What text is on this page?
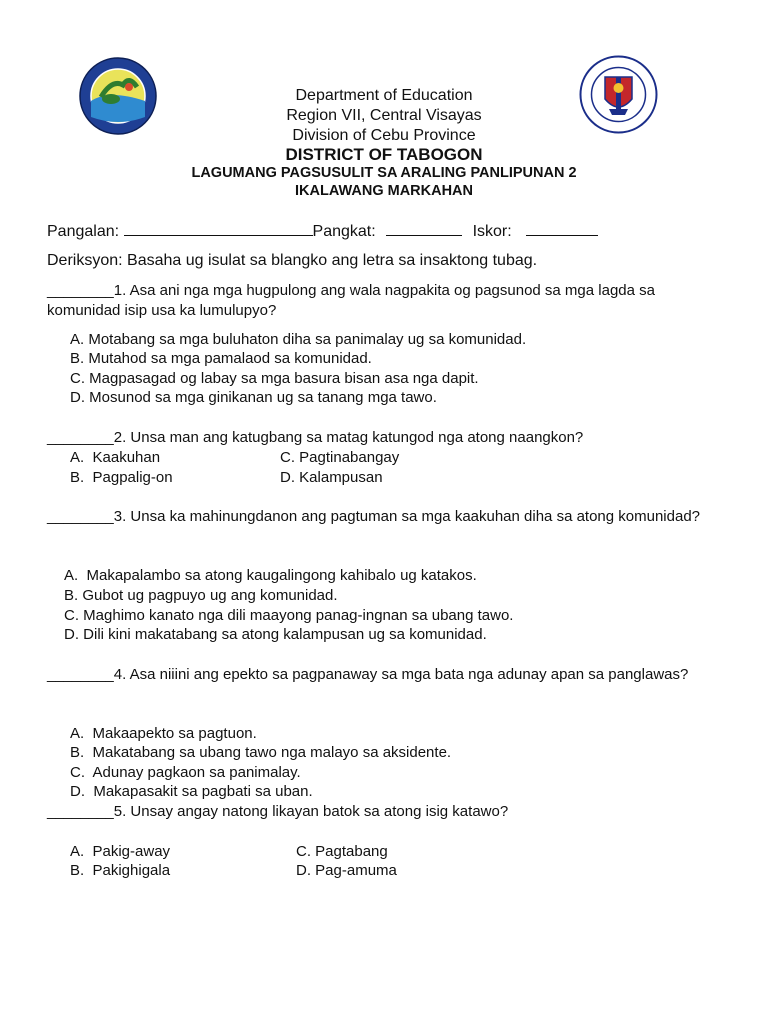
Department of Education
Region VII, Central Visayas
Division of Cebu Province
DISTRICT OF TABOGON
LAGUMANG PAGSUSULIT SA ARALING PANLIPUNAN 2
IKALAWANG MARKAHAN
Pangalan:	Pangkat:	Iskor:
Deriksyon: Basaha ug isulat sa blangko ang letra sa insaktong tubag.
________1. Asa ani nga mga hugpulong ang wala nagpakita og pagsunod sa mga lagda sa komunidad isip usa ka lumulupyo?
A. Motabang sa mga buluhaton diha sa panimalay ug sa komunidad.
B. Mutahod sa mga pamalaod sa komunidad.
C. Magpasagad og labay sa mga basura bisan asa nga dapit.
D. Mosunod sa mga ginikanan ug sa tanang mga tawo.
________2. Unsa man ang katugbang sa matag katungod nga atong naangkon?
A.  Kaakuhan	C. Pagtinabangay
B.  Pagpalig-on	D. Kalampusan
________3. Unsa ka mahinungdanon ang pagtuman sa mga kaakuhan diha sa atong komunidad?
A.  Makapalambo sa atong kaugalingong kahibalo ug katakos.
B. Gubot ug pagpuyo ug ang komunidad.
C. Maghimo kanato nga dili maayong panag-ingnan sa ubang tawo.
D. Dili kini makatabang sa atong kalampusan ug sa komunidad.
________4. Asa niiini ang epekto sa pagpanaway sa mga bata nga adunay apan sa panglawas?
A.  Makaapekto sa pagtuon.
B.  Makatabang sa ubang tawo nga malayo sa aksidente.
C.  Adunay pagkaon sa panimalay.
D.  Makapasakit sa pagbati sa uban.
________5. Unsay angay natong likayan batok sa atong isig katawo?
A.  Pakig-away	C. Pagtabang
B.  Pakighigala	D. Pag-amuma
